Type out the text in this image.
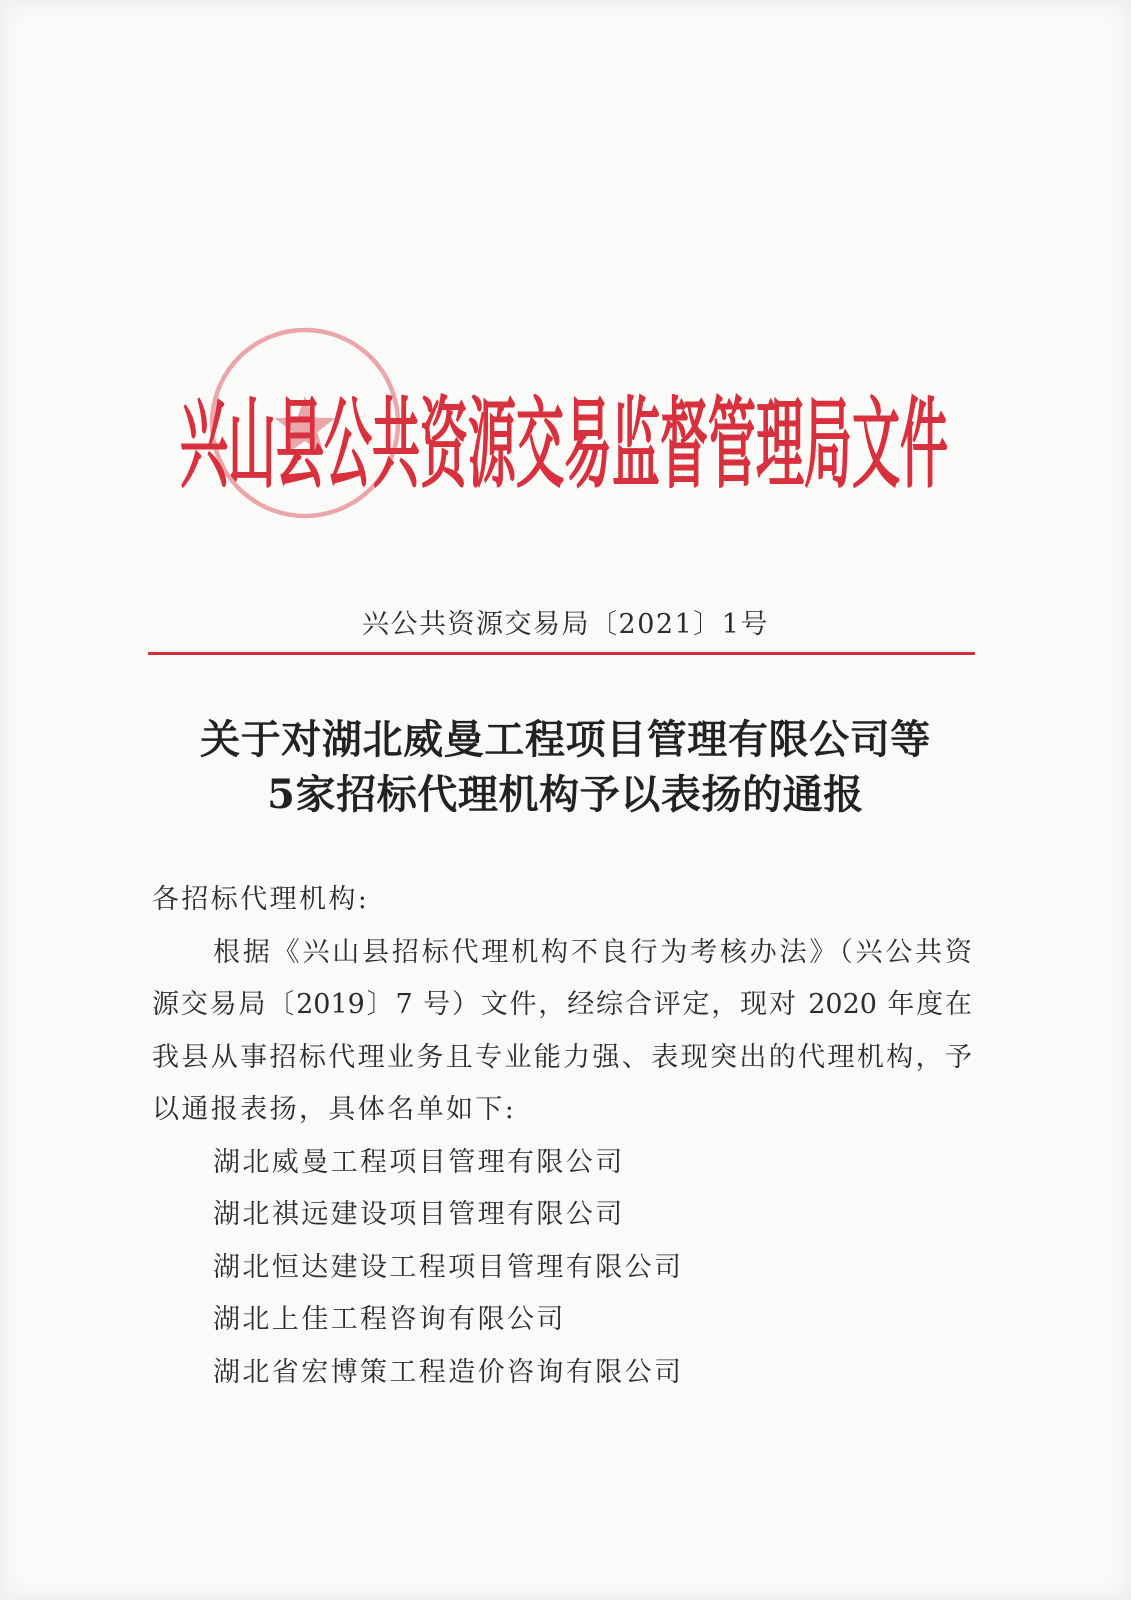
兴山县公共资源交易监督管理局文件
兴公共资源交易局〔2021〕1号
关于对湖北威曼工程项目管理有限公司等
5家招标代理机构予以表扬的通报
各招标代理机构:
根据《兴山县招标代理机构不良行为考核办法》（兴公共资
源交易局〔2019〕7 号）文件，经综合评定，现对 2020 年度在
我县从事招标代理业务且专业能力强、表现突出的代理机构，予
以通报表扬，具体名单如下:
湖北威曼工程项目管理有限公司
湖北祺远建设项目管理有限公司
湖北恒达建设工程项目管理有限公司
湖北上佳工程咨询有限公司
湖北省宏博策工程造价咨询有限公司
